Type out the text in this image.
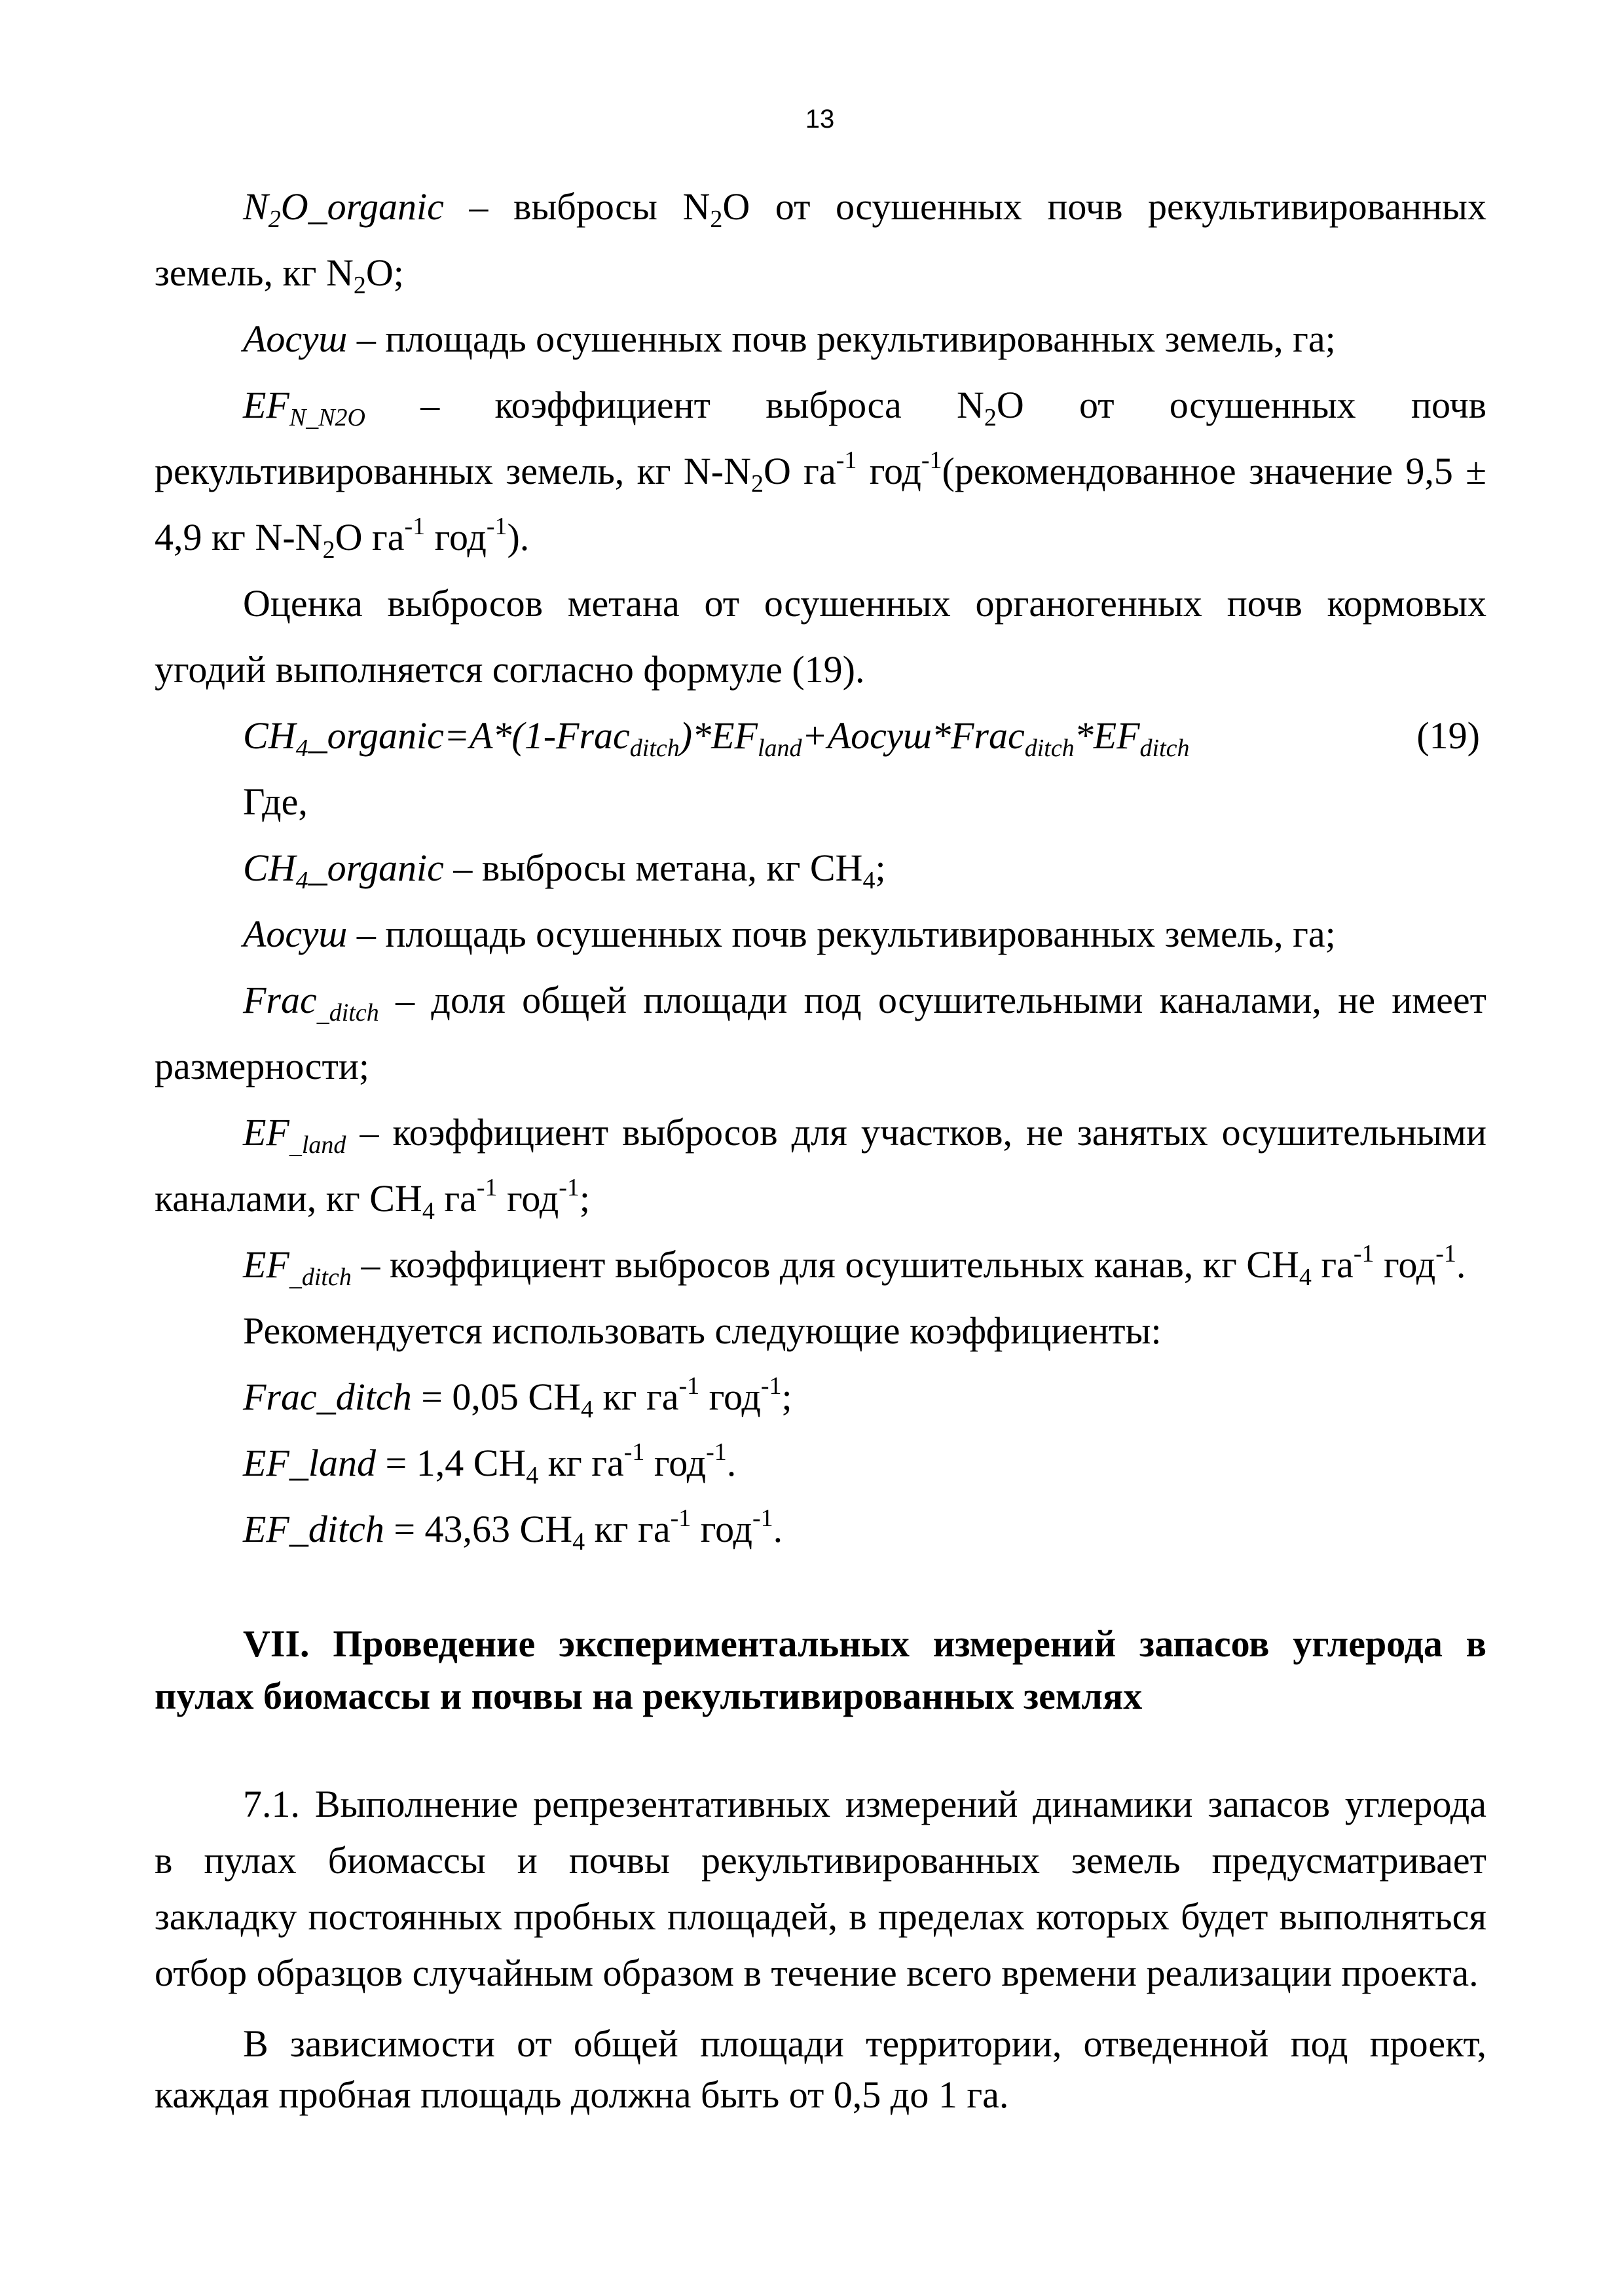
13
$N_2O\_organic$ – выбросы $N_2O$ от осушенных почв рекультивированных
земель, кг $N_2O$;
Aосуш – площадь осушенных почв рекультивированных земель, га;
$EF_{N\_N2O}$ – коэффициент выброса $N_2O$ от осушенных почв
рекультивированных земель, кг $N-N_2O$ $га^{-1}$ год$^{-1}$(рекомендованное значение 9,5 ±
4,9 кг $N-N_2O$ $га^{-1}$ год$^{-1}$).
Оценка выбросов метана от осушенных органогенных почв кормовых
угодий выполняется согласно формуле (19).
$CH_4\_organic=A*(1-Frac_{ditch})*EF_{land}+Aосуш*Frac_{ditch}*EF_{ditch}$	(19)
Где,
$CH_4\_organic$ – выбросы метана, кг $CH_4$;
Aосуш – площадь осушенных почв рекультивированных земель, га;
Frac$_{\_ditch}$ – доля общей площади под осушительными каналами, не имеет
размерности;
$EF_{\_land}$ – коэффициент выбросов для участков, не занятых осушительными
каналами, кг $CH_4$ $га^{-1}$ год$^{-1}$;
$EF_{\_ditch}$ – коэффициент выбросов для осушительных канав, кг $CH_4$ $га^{-1}$ год$^{-1}$.
Рекомендуется использовать следующие коэффициенты:
Frac_ditch = 0,05 $CH_4$ кг $га^{-1}$ год$^{-1}$;
EF_land = 1,4 $CH_4$ кг $га^{-1}$ год$^{-1}$.
EF_ditch = 43,63 $CH_4$ кг $га^{-1}$ год$^{-1}$.
VII. Проведение экспериментальных измерений запасов углерода в
пулах биомассы и почвы на рекультивированных землях
7.1. Выполнение репрезентативных измерений динамики запасов углерода
в пулах биомассы и почвы рекультивированных земель предусматривает
закладку постоянных пробных площадей, в пределах которых будет выполняться
отбор образцов случайным образом в течение всего времени реализации проекта.
В зависимости от общей площади территории, отведенной под проект,
каждая пробная площадь должна быть от 0,5 до 1 га.
